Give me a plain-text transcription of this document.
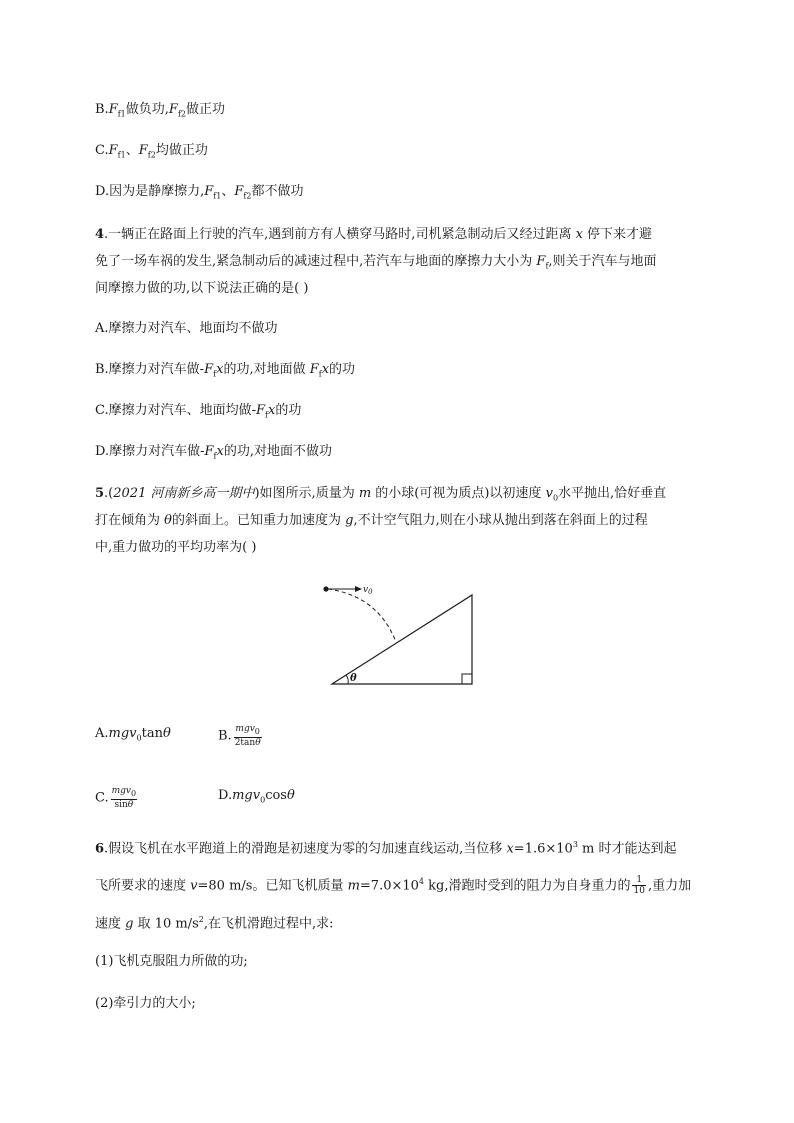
$B.F_{f1}$做负功$,F_{f2}$做正功
$C.F_{f1}$、$F_{f2}$均做正功
D.因为是静摩擦力$,F_{f1}$、$F_{f2}$都不做功
4.一辆正在路面上行驶的汽车,遇到前方有人横穿马路时,司机紧急制动后又经过距离 x 停下来才避
免了一场车祸的发生,紧急制动后的减速过程中,若汽车与地面的摩擦力大小为 $F_f$,则关于汽车与地面
间摩擦力做的功,以下说法正确的是( )
A.摩擦力对汽车、地面均不做功
B.摩擦力对汽车做$-F_fx$的功,对地面做 $F_fx$的功
C.摩擦力对汽车、地面均做$-F_fx$的功
D.摩擦力对汽车做$-F_fx$的功,对地面不做功
5.(2021 河南新乡高一期中)如图所示,质量为 m 的小球(可视为质点)以初速度 $v_0$水平抛出,恰好垂直
打在倾角为 θ的斜面上。已知重力加速度为 g,不计空气阻力,则在小球从抛出到落在斜面上的过程
中,重力做功的平均功率为( )
$v_0$
θ
A.mgv$_0$tanθ	B. $\frac{mgv_0}{2\tan\theta}$
C. $\frac{mgv_0}{\sin\theta}$	D.mgv$_0$cosθ
6.假设飞机在水平跑道上的滑跑是初速度为零的匀加速直线运动,当位移 $x=1.6\times 10^3$ m 时才能达到起
飞所要求的速度 v=80 m/s。已知飞机质量 $m=7.0\times 10^4$ kg,滑跑时受到的阻力为自身重力的 $\frac{1}{10}$ ,重力加
速度 g 取 10 $m/s^2$,在飞机滑跑过程中,求:
(1)飞机克服阻力所做的功;
(2)牵引力的大小;
